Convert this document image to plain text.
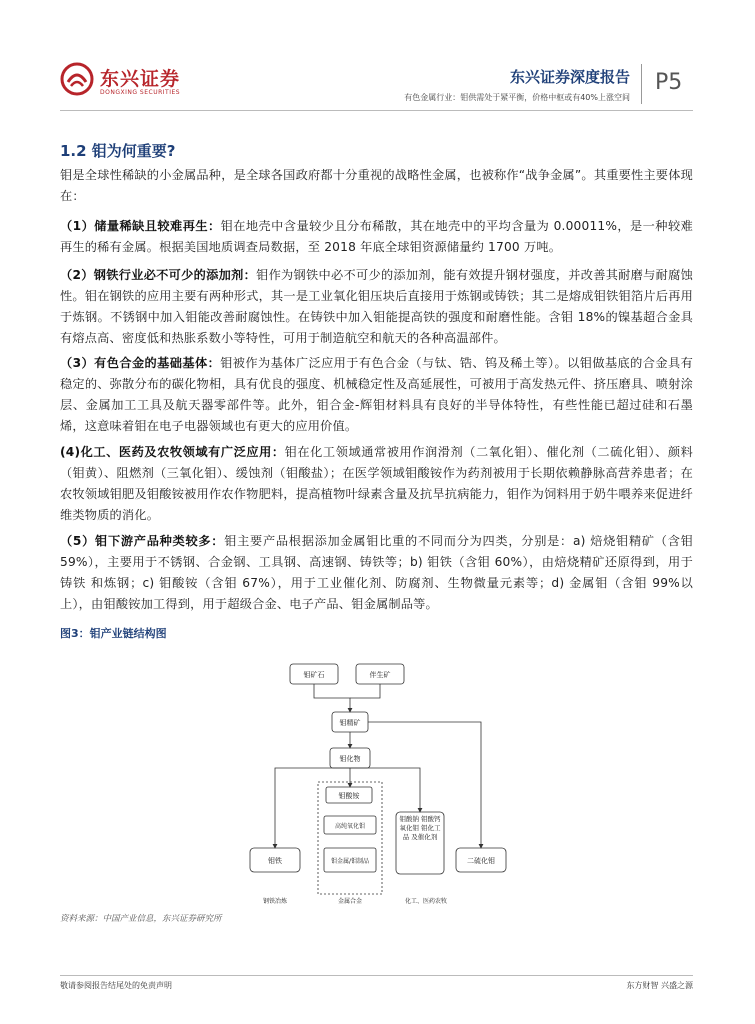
东兴证券
DONGXING SECURITIES
东兴证券深度报告
有色金属行业：钼供需处于紧平衡，价格中枢或有40%上涨空间
P5
1.2 钼为何重要?
钼是全球性稀缺的小金属品种，是全球各国政府都十分重视的战略性金属，也被称作“战争金属”。其重要性主要体现在：
（1）储量稀缺且较难再生：钼在地壳中含量较少且分布稀散，其在地壳中的平均含量为 0.00011%，是一种较难再生的稀有金属。根据美国地质调查局数据，至 2018 年底全球钼资源储量约 1700 万吨。
（2）钢铁行业必不可少的添加剂：钼作为钢铁中必不可少的添加剂，能有效提升钢材强度，并改善其耐磨与耐腐蚀性。钼在钢铁的应用主要有两种形式，其一是工业氧化钼压块后直接用于炼钢或铸铁；其二是熔成钼铁钼箔片后再用于炼钢。不锈钢中加入钼能改善耐腐蚀性。在铸铁中加入钼能提高铁的强度和耐磨性能。含钼 18%的镍基超合金具有熔点高、密度低和热胀系数小等特性，可用于制造航空和航天的各种高温部件。
（3）有色合金的基础基体：钼被作为基体广泛应用于有色合金（与钛、锆、钨及稀土等）。以钼做基底的合金具有稳定的、弥散分布的碳化物相，具有优良的强度、机械稳定性及高延展性，可被用于高发热元件、挤压磨具、喷射涂层、金属加工工具及航天器零部件等。此外，钼合金-辉钼材料具有良好的半导体特性，有些性能已超过硅和石墨烯，这意味着钼在电子电器领域也有更大的应用价值。
(4)化工、医药及农牧领域有广泛应用：钼在化工领域通常被用作润滑剂（二氧化钼）、催化剂（二硫化钼）、颜料（钼黄）、阻燃剂（三氧化钼）、缓蚀剂（钼酸盐）；在医学领域钼酸铵作为药剂被用于长期依赖静脉高营养患者；在农牧领域钼肥及钼酸铵被用作农作物肥料，提高植物叶绿素含量及抗旱抗病能力，钼作为饲料用于奶牛喂养来促进纤维类物质的消化。
（5）钼下游产品种类较多：钼主要产品根据添加金属钼比重的不同而分为四类，分别是：a) 焙烧钼精矿（含钼 59%），主要用于不锈钢、合金钢、工具钢、高速钢、铸铁等；b) 钼铁（含钼 60%），由焙烧精矿还原得到，用于铸铁 和炼钢；c) 钼酸铵（含钼 67%），用于工业催化剂、防腐剂、生物微量元素等；d) 金属钼（含钼 99%以上），由钼酸铵加工得到，用于超级合金、电子产品、钼金属制品等。
图3：钼产业链结构图
钼矿石	伴生矿
钼精矿
钼化物
钼酸铵
高纯氧化钼
钼金属/钼制品
钼铁	二硫化钼
钢铁冶炼	金属合金	化工、医药农牧
钼酸钠 钼酸钙 氧化钼 钼化工品 及催化剂
资料来源：中国产业信息，东兴证券研究所
敬请参阅报告结尾处的免责声明	东方财智 兴盛之源
